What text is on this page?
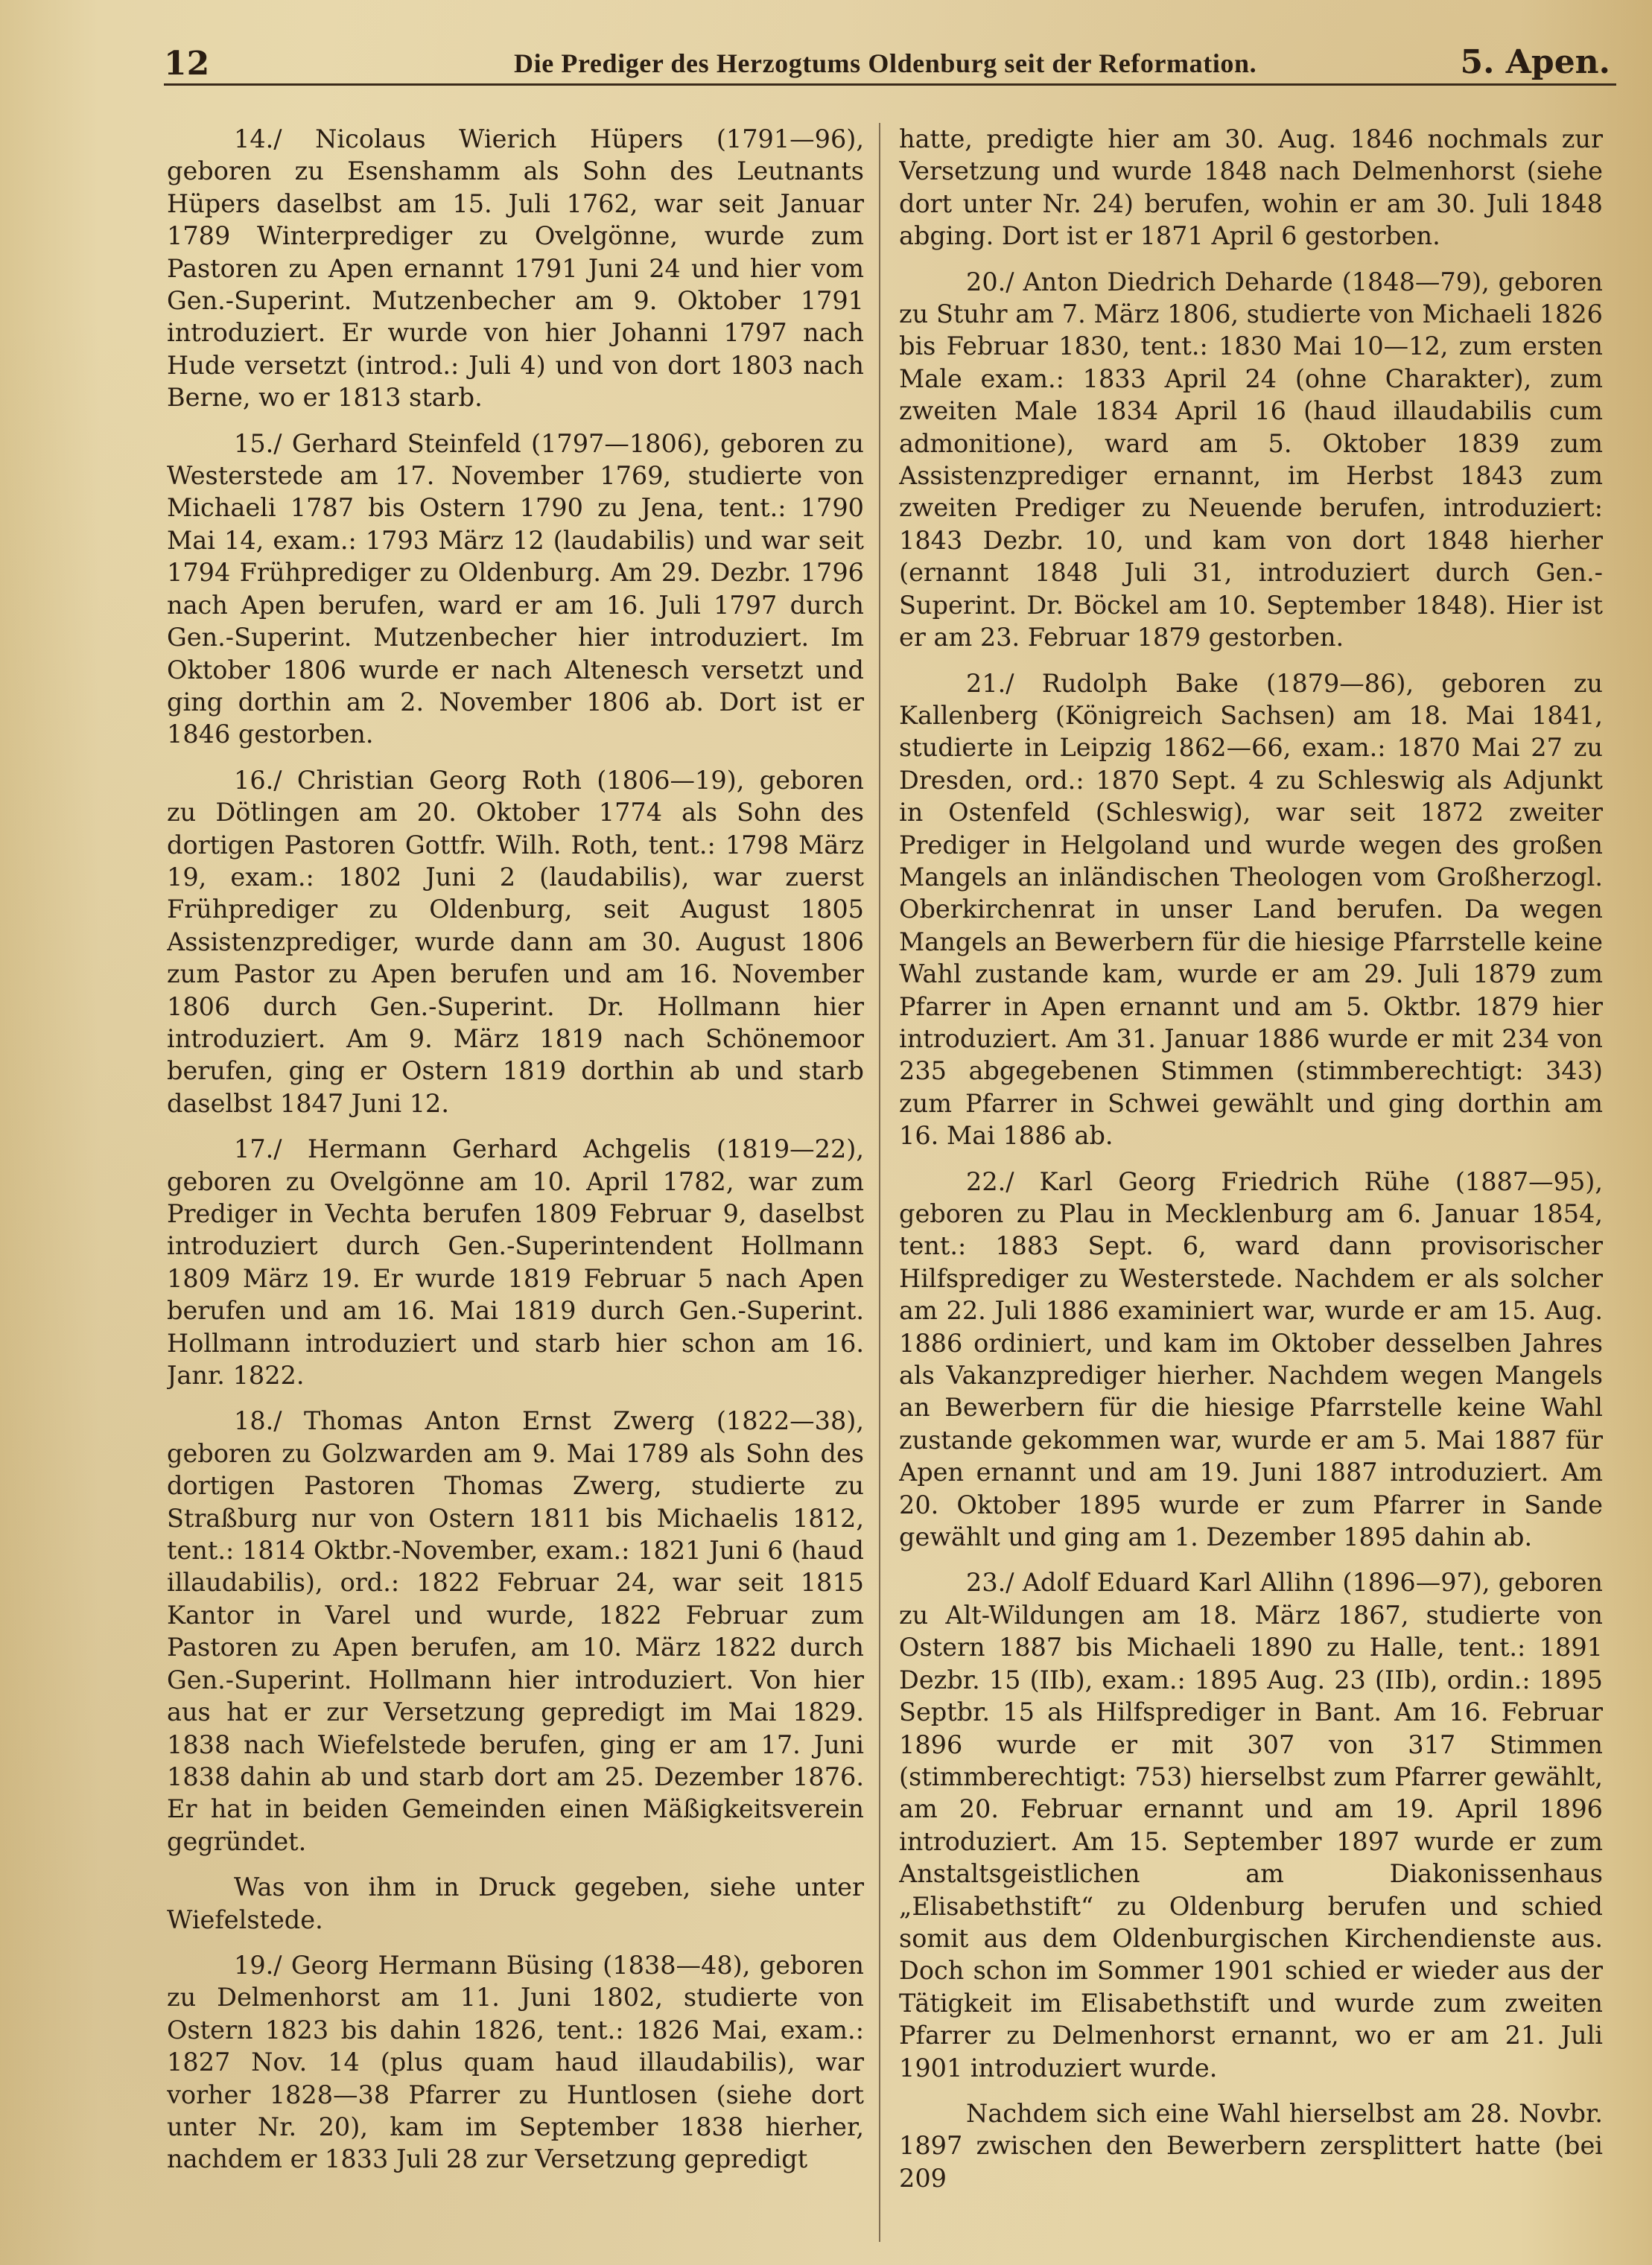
12	Die Prediger des Herzogtums Oldenburg seit der Reformation.	5. Apen.

14./ Nicolaus Wierich Hüpers (1791—96), geboren zu Esenshamm als Sohn des Leutnants Hüpers daselbst am 15. Juli 1762, war seit Januar 1789 Winterprediger zu Ovelgönne, wurde zum Pastoren zu Apen ernannt 1791 Juni 24 und hier vom Gen.-Superint. Mutzenbecher am 9. Oktober 1791 introduziert. Er wurde von hier Johanni 1797 nach Hude versetzt (introd.: Juli 4) und von dort 1803 nach Berne, wo er 1813 starb.

15./ Gerhard Steinfeld (1797—1806), geboren zu Westerstede am 17. November 1769, studierte von Michaeli 1787 bis Ostern 1790 zu Jena, tent.: 1790 Mai 14, exam.: 1793 März 12 (laudabilis) und war seit 1794 Frühprediger zu Oldenburg. Am 29. Dezbr. 1796 nach Apen berufen, ward er am 16. Juli 1797 durch Gen.-Superint. Mutzenbecher hier introduziert. Im Oktober 1806 wurde er nach Altenesch versetzt und ging dorthin am 2. November 1806 ab. Dort ist er 1846 gestorben.

16./ Christian Georg Roth (1806—19), geboren zu Dötlingen am 20. Oktober 1774 als Sohn des dortigen Pastoren Gottfr. Wilh. Roth, tent.: 1798 März 19, exam.: 1802 Juni 2 (laudabilis), war zuerst Frühprediger zu Oldenburg, seit August 1805 Assistenzprediger, wurde dann am 30. August 1806 zum Pastor zu Apen berufen und am 16. November 1806 durch Gen.-Superint. Dr. Hollmann hier introduziert. Am 9. März 1819 nach Schönemoor berufen, ging er Ostern 1819 dorthin ab und starb daselbst 1847 Juni 12.

17./ Hermann Gerhard Achgelis (1819—22), geboren zu Ovelgönne am 10. April 1782, war zum Prediger in Vechta berufen 1809 Februar 9, daselbst introduziert durch Gen.-Superintendent Hollmann 1809 März 19. Er wurde 1819 Februar 5 nach Apen berufen und am 16. Mai 1819 durch Gen.-Superint. Hollmann introduziert und starb hier schon am 16. Janr. 1822.

18./ Thomas Anton Ernst Zwerg (1822—38), geboren zu Golzwarden am 9. Mai 1789 als Sohn des dortigen Pastoren Thomas Zwerg, studierte zu Straßburg nur von Ostern 1811 bis Michaelis 1812, tent.: 1814 Oktbr.-November, exam.: 1821 Juni 6 (haud illaudabilis), ord.: 1822 Februar 24, war seit 1815 Kantor in Varel und wurde, 1822 Februar zum Pastoren zu Apen berufen, am 10. März 1822 durch Gen.-Superint. Hollmann hier introduziert. Von hier aus hat er zur Versetzung gepredigt im Mai 1829. 1838 nach Wiefelstede berufen, ging er am 17. Juni 1838 dahin ab und starb dort am 25. Dezember 1876. Er hat in beiden Gemeinden einen Mäßigkeitsverein gegründet.

Was von ihm in Druck gegeben, siehe unter Wiefelstede.

19./ Georg Hermann Büsing (1838—48), geboren zu Delmenhorst am 11. Juni 1802, studierte von Ostern 1823 bis dahin 1826, tent.: 1826 Mai, exam.: 1827 Nov. 14 (plus quam haud illaudabilis), war vorher 1828—38 Pfarrer zu Huntlosen (siehe dort unter Nr. 20), kam im September 1838 hierher, nachdem er 1833 Juli 28 zur Versetzung gepredigt

hatte, predigte hier am 30. Aug. 1846 nochmals zur Versetzung und wurde 1848 nach Delmenhorst (siehe dort unter Nr. 24) berufen, wohin er am 30. Juli 1848 abging. Dort ist er 1871 April 6 gestorben.

20./ Anton Diedrich Deharde (1848—79), geboren zu Stuhr am 7. März 1806, studierte von Michaeli 1826 bis Februar 1830, tent.: 1830 Mai 10—12, zum ersten Male exam.: 1833 April 24 (ohne Charakter), zum zweiten Male 1834 April 16 (haud illaudabilis cum admonitione), ward am 5. Oktober 1839 zum Assistenzprediger ernannt, im Herbst 1843 zum zweiten Prediger zu Neuende berufen, introduziert: 1843 Dezbr. 10, und kam von dort 1848 hierher (ernannt 1848 Juli 31, introduziert durch Gen.-Superint. Dr. Böckel am 10. September 1848). Hier ist er am 23. Februar 1879 gestorben.

21./ Rudolph Bake (1879—86), geboren zu Kallenberg (Königreich Sachsen) am 18. Mai 1841, studierte in Leipzig 1862—66, exam.: 1870 Mai 27 zu Dresden, ord.: 1870 Sept. 4 zu Schleswig als Adjunkt in Ostenfeld (Schleswig), war seit 1872 zweiter Prediger in Helgoland und wurde wegen des großen Mangels an inländischen Theologen vom Großherzogl. Oberkirchenrat in unser Land berufen. Da wegen Mangels an Bewerbern für die hiesige Pfarrstelle keine Wahl zustande kam, wurde er am 29. Juli 1879 zum Pfarrer in Apen ernannt und am 5. Oktbr. 1879 hier introduziert. Am 31. Januar 1886 wurde er mit 234 von 235 abgegebenen Stimmen (stimmberechtigt: 343) zum Pfarrer in Schwei gewählt und ging dorthin am 16. Mai 1886 ab.

22./ Karl Georg Friedrich Rühe (1887—95), geboren zu Plau in Mecklenburg am 6. Januar 1854, tent.: 1883 Sept. 6, ward dann provisorischer Hilfsprediger zu Westerstede. Nachdem er als solcher am 22. Juli 1886 examiniert war, wurde er am 15. Aug. 1886 ordiniert, und kam im Oktober desselben Jahres als Vakanzprediger hierher. Nachdem wegen Mangels an Bewerbern für die hiesige Pfarrstelle keine Wahl zustande gekommen war, wurde er am 5. Mai 1887 für Apen ernannt und am 19. Juni 1887 introduziert. Am 20. Oktober 1895 wurde er zum Pfarrer in Sande gewählt und ging am 1. Dezember 1895 dahin ab.

23./ Adolf Eduard Karl Allihn (1896—97), geboren zu Alt-Wildungen am 18. März 1867, studierte von Ostern 1887 bis Michaeli 1890 zu Halle, tent.: 1891 Dezbr. 15 (IIb), exam.: 1895 Aug. 23 (IIb), ordin.: 1895 Septbr. 15 als Hilfsprediger in Bant. Am 16. Februar 1896 wurde er mit 307 von 317 Stimmen (stimmberechtigt: 753) hierselbst zum Pfarrer gewählt, am 20. Februar ernannt und am 19. April 1896 introduziert. Am 15. September 1897 wurde er zum Anstaltsgeistlichen am Diakonissenhaus „Elisabethstift“ zu Oldenburg berufen und schied somit aus dem Oldenburgischen Kirchendienste aus. Doch schon im Sommer 1901 schied er wieder aus der Tätigkeit im Elisabethstift und wurde zum zweiten Pfarrer zu Delmenhorst ernannt, wo er am 21. Juli 1901 introduziert wurde.

Nachdem sich eine Wahl hierselbst am 28. Novbr. 1897 zwischen den Bewerbern zersplittert hatte (bei 209
